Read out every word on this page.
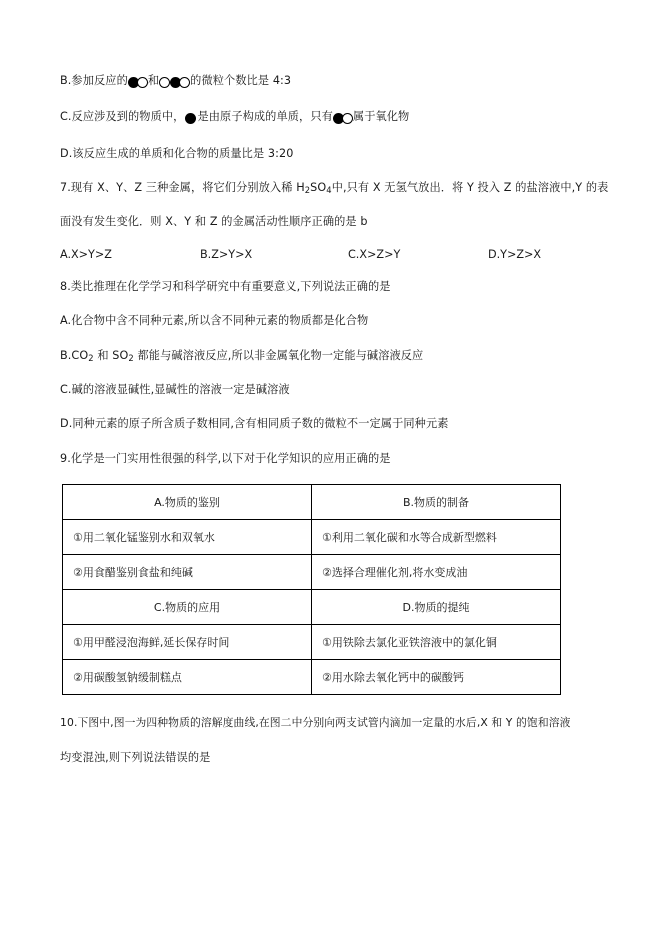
B.参加反应的 和	的微粒个数比是 4:3
C.反应涉及到的物质中， 是由原子构成的单质，只有 属于氧化物
D.该反应生成的单质和化合物的质量比是 3:20
7.现有 X、Y、Z 三种金属，将它们分别放入稀 $H_2SO_4$中,只有 X 无氢气放出．将 Y 投入 Z 的盐溶液中,Y 的表
面没有发生变化．则 X、Y 和 Z 的金属活动性顺序正确的是 b
A.X>Y>Z	B.Z>Y>X	C.X>Z>Y	D.Y>Z>X
8.类比推理在化学学习和科学研究中有重要意义,下列说法正确的是
A.化合物中含不同种元素,所以含不同种元素的物质都是化合物
$B.CO_2$ 和 $SO_2$ 都能与碱溶液反应,所以非金属氧化物一定能与碱溶液反应
C.碱的溶液显碱性,显碱性的溶液一定是碱溶液
D.同种元素的原子所含质子数相同,含有相同质子数的微粒不一定属于同种元素
9.化学是一门实用性很强的科学,以下对于化学知识的应用正确的是
A.物质的鉴别	B.物质的制备
①用二氧化锰鉴别水和双氧水	①利用二氧化碳和水等合成新型燃料
②用食醋鉴别食盐和纯碱	②选择合理催化剂,将水变成油
C.物质的应用	D.物质的提纯
①用甲醛浸泡海鲜,延长保存时间	①用铁除去氯化亚铁溶液中的氯化铜
②用碳酸氢钠缓制糕点	②用水除去氧化钙中的碳酸钙
10.下图中,图一为四种物质的溶解度曲线,在图二中分别向两支试管内滴加一定量的水后,X 和 Y 的饱和溶液
均变混浊,则下列说法错误的是
